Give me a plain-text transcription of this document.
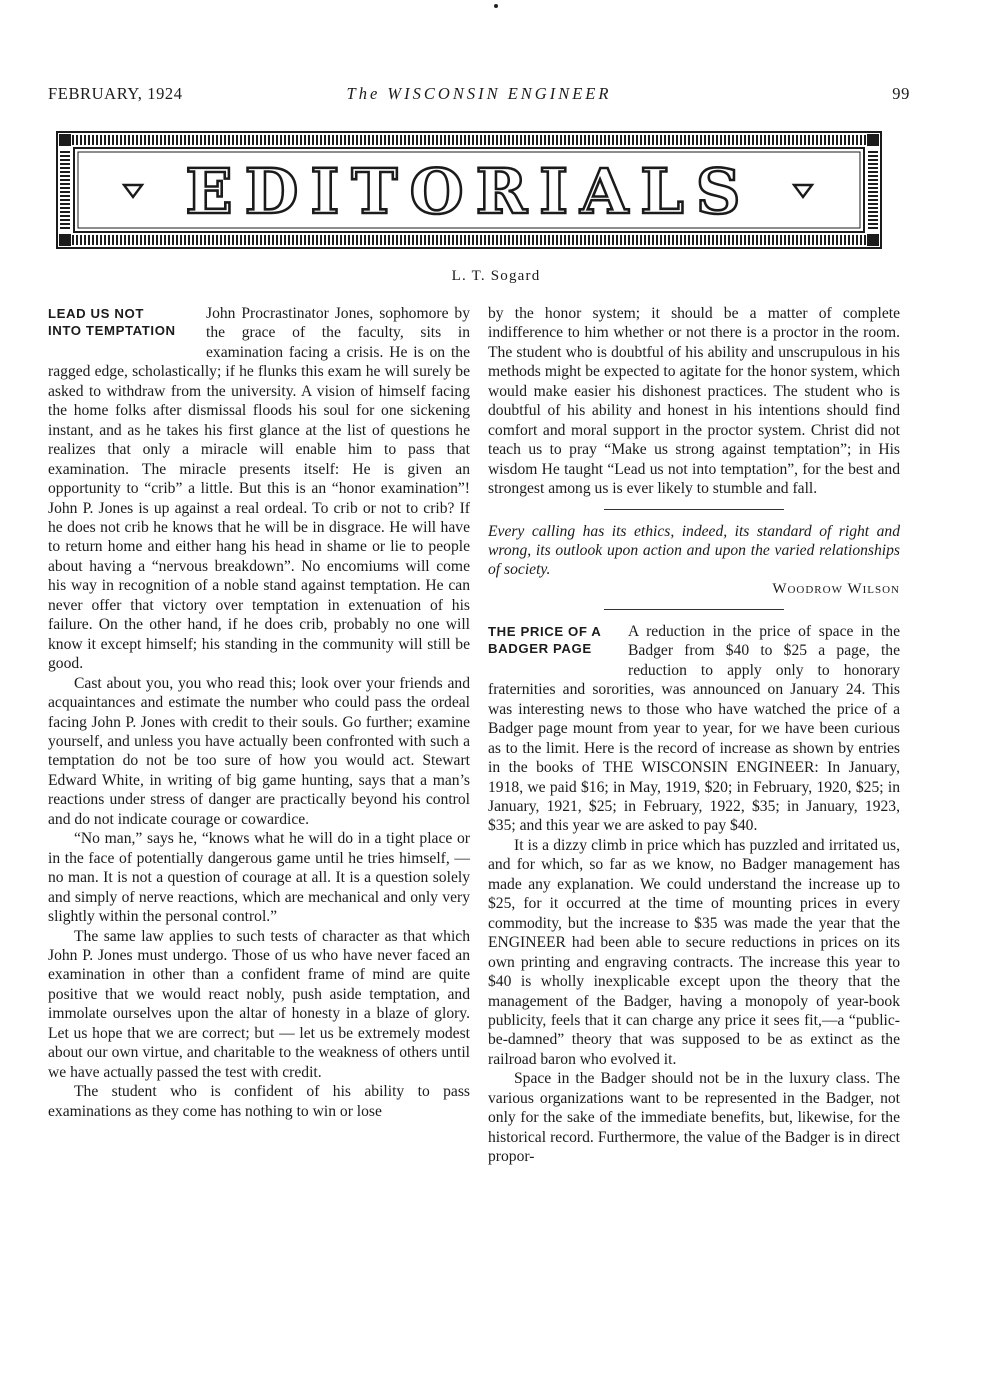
FEBRUARY, 1924	The WISCONSIN ENGINEER	99
EDITORIALS
L. T. Sogard
LEAD US NOT
INTO TEMPTATION

John Procrastinator Jones, sophomore by the grace of the faculty, sits in examination facing a crisis. He is on the ragged edge, scholastically; if he flunks this exam he will surely be asked to withdraw from the university. A vision of himself facing the home folks after dismissal floods his soul for one sickening instant, and as he takes his first glance at the list of questions he realizes that only a miracle will enable him to pass that examination. The miracle presents itself: He is given an opportunity to “crib” a little. But this is an “honor examination”! John P. Jones is up against a real ordeal. To crib or not to crib? If he does not crib he knows that he will be in disgrace. He will have to return home and either hang his head in shame or lie to people about having a “nervous breakdown”. No encomiums will come his way in recognition of a noble stand against temptation. He can never offer that victory over temptation in extenuation of his failure. On the other hand, if he does crib, probably no one will know it except himself; his standing in the community will still be good.

Cast about you, you who read this; look over your friends and acquaintances and estimate the number who could pass the ordeal facing John P. Jones with credit to their souls. Go further; examine yourself, and unless you have actually been confronted with such a temptation do not be too sure of how you would act. Stewart Edward White, in writing of big game hunting, says that a man’s reactions under stress of danger are practically beyond his control and do not indicate courage or cowardice.

“No man,” says he, “knows what he will do in a tight place or in the face of potentially dangerous game until he tries himself, — no man. It is not a question of courage at all. It is a question solely and simply of nerve reactions, which are mechanical and only very slightly within the personal control.”

The same law applies to such tests of character as that which John P. Jones must undergo. Those of us who have never faced an examination in other than a confident frame of mind are quite positive that we would react nobly, push aside temptation, and immolate ourselves upon the altar of honesty in a blaze of glory. Let us hope that we are correct; but — let us be extremely modest about our own virtue, and charitable to the weakness of others until we have actually passed the test with credit.

The student who is confident of his ability to pass examinations as they come has nothing to win or lose

by the honor system; it should be a matter of complete indifference to him whether or not there is a proctor in the room. The student who is doubtful of his ability and unscrupulous in his methods might be expected to agitate for the honor system, which would make easier his dishonest practices. The student who is doubtful of his ability and honest in his intentions should find comfort and moral support in the proctor system. Christ did not teach us to pray “Make us strong against temptation”; in His wisdom He taught “Lead us not into temptation”, for the best and strongest among us is ever likely to stumble and fall.

Every calling has its ethics, indeed, its standard of right and wrong, its outlook upon action and upon the varied relationships of society.

Woodrow Wilson

THE PRICE OF A
BADGER PAGE

A reduction in the price of space in the Badger from $40 to $25 a page, the reduction to apply only to honorary fraternities and sororities, was announced on January 24. This was interesting news to those who have watched the price of a Badger page mount from year to year, for we have been curious as to the limit. Here is the record of increase as shown by entries in the books of THE WISCONSIN ENGINEER: In January, 1918, we paid $16; in May, 1919, $20; in February, 1920, $25; in January, 1921, $25; in February, 1922, $35; in January, 1923, $35; and this year we are asked to pay $40.

It is a dizzy climb in price which has puzzled and irritated us, and for which, so far as we know, no Badger management has made any explanation. We could understand the increase up to $25, for it occurred at the time of mounting prices in every commodity, but the increase to $35 was made the year that the ENGINEER had been able to secure reductions in prices on its own printing and engraving contracts. The increase this year to $40 is wholly inexplicable except upon the theory that the management of the Badger, having a monopoly of year-book publicity, feels that it can charge any price it sees fit,—a “public-be-damned” theory that was supposed to be as extinct as the railroad baron who evolved it.

Space in the Badger should not be in the luxury class. The various organizations want to be represented in the Badger, not only for the sake of the immediate benefits, but, likewise, for the historical record. Furthermore, the value of the Badger is in direct propor-
